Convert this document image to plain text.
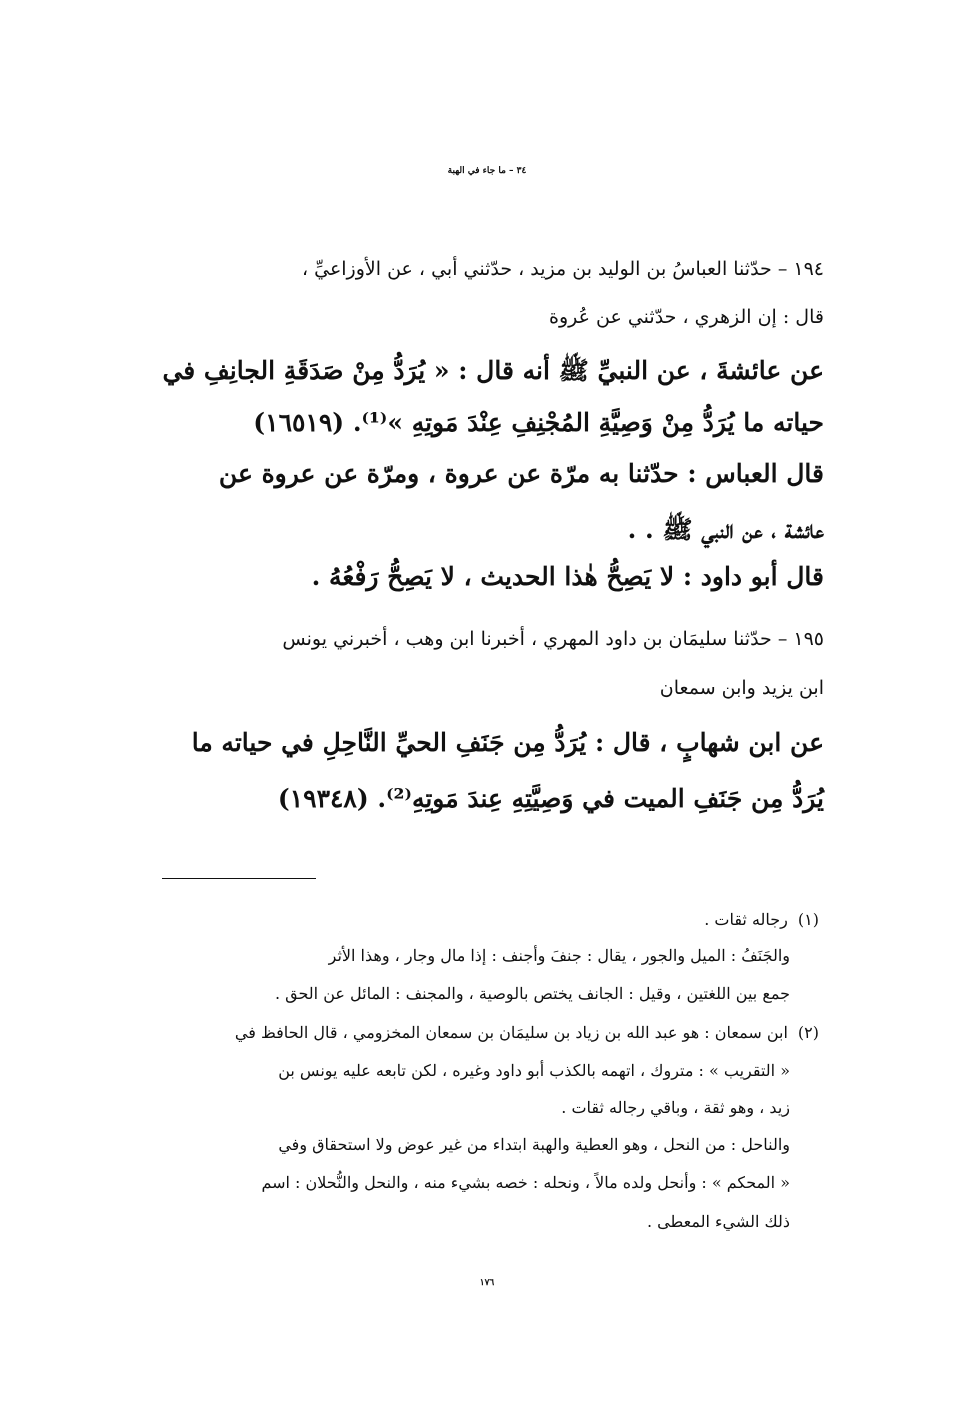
٣٤ – ما جاء في الهبة

١٩٤ – حدّثنا العباسُ بن الوليد بن مزيد ، حدّثني أبي ، عن الأوزاعيِّ ،

قال : إن الزهري ، حدّثني عن عُروة

عن عائشةَ ، عن النبيِّ ﷺ أنه قال : « يُرَدُّ مِنْ صَدَقَةِ الجانِفِ في

حياته ما يُرَدُّ مِنْ وَصِيَّةِ المُجْنِفِ عِنْدَ مَوتِهِ »⁽¹⁾. (١٦٥١٩)

قال العباس : حدّثنا به مرّة عن عروة ، ومرّة عن عروة عن

عائشة ، عن النبي ﷺ . .

قال أبو داود : لا يَصِحُّ هٰذا الحديث ، لا يَصِحُّ رَفْعُهُ .

١٩٥ – حدّثنا سليمَان بن داود المهري ، أخبرنا ابن وهب ، أخبرني يونس

ابن يزيد وابن سمعان

عن ابن شهابٍ ، قال : يُرَدُّ مِن جَنَفِ الحيِّ النَّاحِلِ في حياته ما

يُرَدُّ مِن جَنَفِ الميت في وَصِيَّتِهِ عِندَ مَوتِهِ⁽²⁾. (١٩٣٤٨)

(١) رجاله ثقات .

والجَنَفُ : الميل والجور ، يقال : جنفَ وأجنف : إذا مال وجار ، وهذا الأثر

جمع بين اللغتين ، وقيل : الجانف يختص بالوصية ، والمجنف : المائل عن الحق .

(٢) ابن سمعان : هو عبد الله بن زياد بن سليمَان بن سمعان المخزومي ، قال الحافظ في

« التقريب » : متروك ، اتهمه بالكذب أبو داود وغيره ، لكن تابعه عليه يونس بن

زيد ، وهو ثقة ، وباقي رجاله ثقات .

والناحل : من النحل ، وهو العطية والهبة ابتداء من غير عوض ولا استحقاق وفي

« المحكم » : وأنحل ولده مالاً ، ونحله : خصه بشيء منه ، والنحل والنُّحلان : اسم

ذلك الشيء المعطى .

١٧٦
